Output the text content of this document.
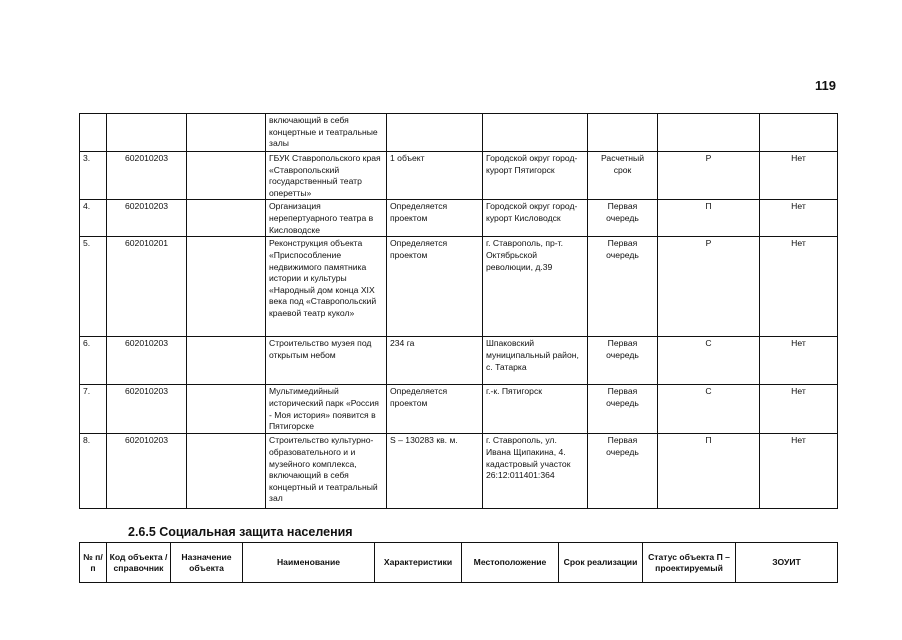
119
			включающий в себя концертные и театральные залы					
3.	602010203		ГБУК Ставропольского края «Ставропольский государственный театр оперетты»	1 объект	Городской округ город-курорт Пятигорск	Расчетный срок	Р	Нет
4.	602010203		Организация нерепертуарного театра в Кисловодске	Определяется проектом	Городской округ город-курорт Кисловодск	Первая очередь	П	Нет
5.	602010201		Реконструкция объекта «Приспособление недвижимого памятника истории и культуры «Народный дом конца XIX века под «Ставропольский краевой театр кукол»	Определяется проектом	г. Ставрополь, пр-т. Октябрьской революции, д.39	Первая очередь	Р	Нет
6.	602010203		Строительство музея под открытым небом	234 га	Шпаковский муниципальный район, с. Татарка	Первая очередь	С	Нет
7.	602010203		Мультимедийный исторический парк «Россия - Моя история» появится в Пятигорске	Определяется проектом	г.-к. Пятигорск	Первая очередь	С	Нет
8.	602010203		Строительство культурно-образовательного и и музейного комплекса, включающий в себя концертный и театральный зал	S – 130283 кв. м.	г. Ставрополь, ул. Ивана Щипакина, 4. кадастровый участок 26:12:011401:364	Первая очередь	П	Нет
2.6.5 Социальная защита населения
№ п/п	Код объекта / справочник	Назначение объекта	Наименование	Характеристики	Местоположение	Срок реализации	Статус объекта П – проектируемый	ЗОУИТ
